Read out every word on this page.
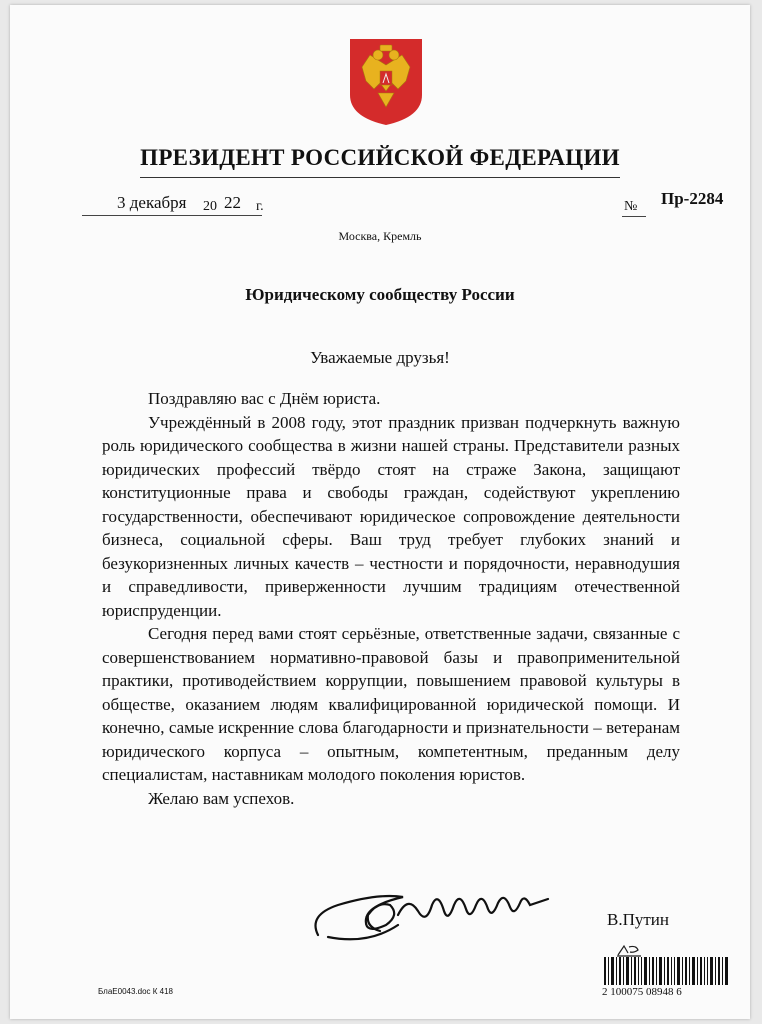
ПРЕЗИДЕНТ РОССИЙСКОЙ ФЕДЕРАЦИИ
3 декабря 20 22 г.	№ Пр-2284
Москва, Кремль
Юридическому сообществу России
Уважаемые друзья!

Поздравляю вас с Днём юриста.

Учреждённый в 2008 году, этот праздник призван подчеркнуть важную роль юридического сообщества в жизни нашей страны. Представители разных юридических профессий твёрдо стоят на страже Закона, защищают конституционные права и свободы граждан, содействуют укреплению государственности, обеспечивают юридическое сопровождение деятельности бизнеса, социальной сферы. Ваш труд требует глубоких знаний и безукоризненных личных качеств – честности и порядочности, неравнодушия и справедливости, приверженности лучшим традициям отечественной юриспруденции.

Сегодня перед вами стоят серьёзные, ответственные задачи, связанные с совершенствованием нормативно-правовой базы и правоприменительной практики, противодействием коррупции, повышением правовой культуры в обществе, оказанием людям квалифицированной юридической помощи. И конечно, самые искренние слова благодарности и признательности – ветеранам юридического корпуса – опытным, компетентным, преданным делу специалистам, наставникам молодого поколения юристов.

Желаю вам успехов.

В.Путин
2 100075 08948 6
БлаЕ0043.doc К 418
